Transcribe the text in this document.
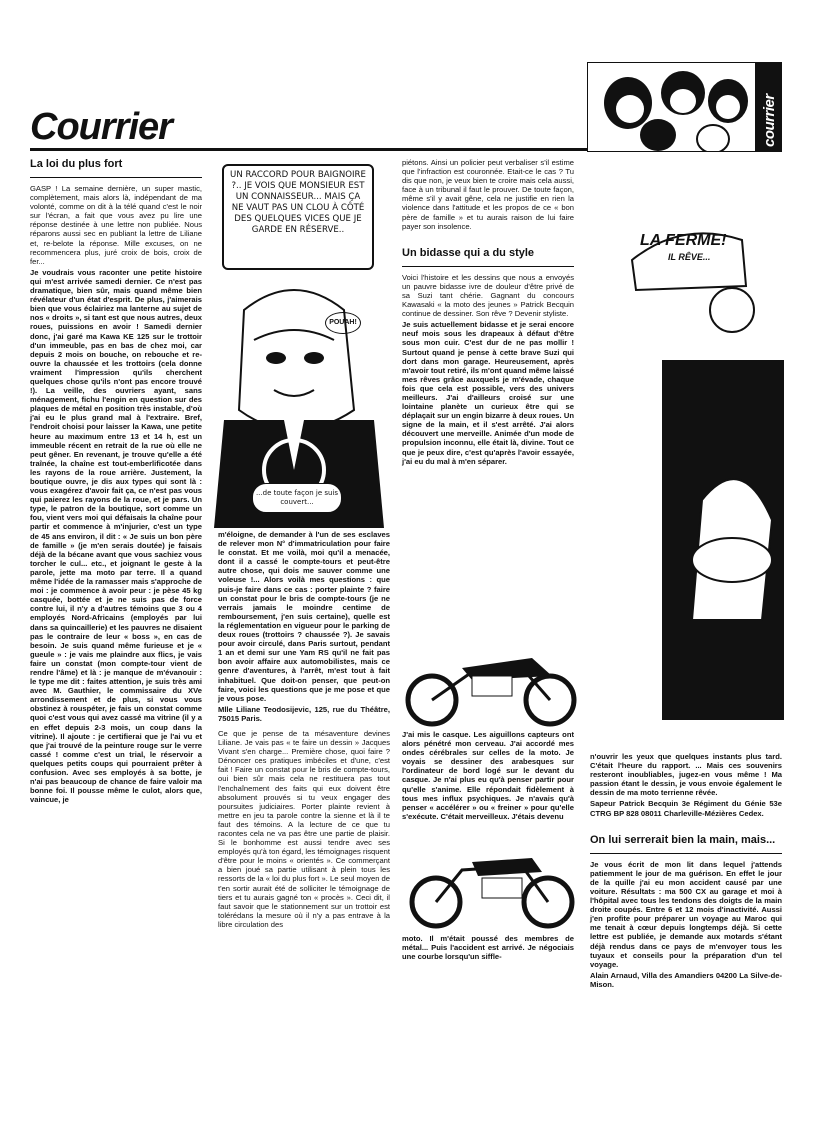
Courrier	courrier
La loi du plus fort

GASP ! La semaine dernière, un super mastic, complètement, mais alors là, indépendant de ma volonté, comme on dit à la télé quand c'est le noir sur l'écran, a fait que vous avez pu lire une réponse destinée à une lettre non publiée. Nous réparons aussi sec en publiant la lettre de Liliane et, re-belote la réponse. Mille excuses, on ne recommencera plus, juré croix de bois, croix de fer...

Je voudrais vous raconter une petite histoire qui m'est arrivée samedi dernier. Ce n'est pas dramatique, bien sûr, mais quand même bien révélateur d'un état d'esprit. De plus, j'aimerais bien que vous éclairiez ma lanterne au sujet de nos « droits », si tant est que nous autres, deux roues, puissions en avoir ! Samedi dernier donc, j'ai garé ma Kawa KE 125 sur le trottoir d'un immeuble, pas en bas de chez moi, car depuis 2 mois on bouche, on rebouche et re-ouvre la chaussée et les trottoirs (cela donne vraiment l'impression qu'ils cherchent quelques chose qu'ils n'ont pas encore trouvé !). La veille, des ouvriers ayant, sans ménagement, fichu l'engin en question sur des plaques de métal en position très instable, d'où j'ai eu le plus grand mal à l'extraire. Bref, l'endroit choisi pour laisser la Kawa, une petite heure au maximum entre 13 et 14 h, est un immeuble récent en retrait de la rue où elle ne peut gêner. En revenant, je trouve qu'elle a été traînée, la chaîne est tout-emberlificotée dans les rayons de la roue arrière. Justement, la boutique ouvre, je dis aux types qui sont là : vous exagérez d'avoir fait ça, ce n'est pas vous qui paierez les rayons de la roue, et je pars. Un type, le patron de la boutique, sort comme un fou, vient vers moi qui défaisais la chaîne pour partir et commence à m'injurier, c'est un type de 45 ans environ, il dit : « Je suis un bon père de famille » (je m'en serais doutée) je faisais déjà de la bécane avant que vous sachiez vous torcher le cul... etc., et joignant le geste à la parole, jette ma moto par terre. Il a quand même l'idée de la ramasser mais s'approche de moi : je commence à avoir peur : je pèse 45 kg casquée, bottée et je ne suis pas de force contre lui, il n'y a d'autres témoins que 3 ou 4 employés Nord-Africains (employés par lui dans sa quincaillerie) et les pauvres ne disaient pas le contraire de leur « boss », en cas de besoin. Je suis quand même furieuse et je « gueule » : je vais me plaindre aux flics, je vais faire un constat (mon compte-tour vient de rendre l'âme) et là : je manque de m'évanouir : le type me dit : faites attention, je suis très ami avec M. Gauthier, le commissaire du XVe arrondissement et de plus, si vous vous obstinez à rouspéter, je fais un constat comme quoi c'est vous qui avez cassé ma vitrine (il y a en effet depuis 2-3 mois, un coup dans la vitrine). Il ajoute : je certifierai que je l'ai vu et que j'ai trouvé de la peinture rouge sur le verre cassé ! comme c'est un trial, le réservoir a quelques petits coups qui pourraient prêter à confusion. Avec ses employés à sa botte, je n'ai pas beaucoup de chance de faire valoir ma bonne foi. Il pousse même le culot, alors que, vaincue, je

UN RACCORD POUR BAIGNOIRE ?.. JE VOIS QUE MONSIEUR EST UN CONNAISSEUR... MAIS ÇA NE VAUT PAS UN CLOU À CÔTÉ DES QUELQUES VICES QUE JE GARDE EN RÉSERVE..
POUAH!
...de toute façon je suis couvert...

m'éloigne, de demander à l'un de ses esclaves de relever mon N° d'immatriculation pour faire le constat. Et me voilà, moi qu'il a menacée, dont il a cassé le compte-tours et peut-être autre chose, qui dois me sauver comme une voleuse !... Alors voilà mes questions : que puis-je faire dans ce cas : porter plainte ? faire un constat pour le bris de compte-tours (je ne verrais jamais le moindre centime de remboursement, j'en suis certaine), quelle est la réglementation en vigueur pour le parking de deux roues (trottoirs ? chaussée ?). Je savais pour avoir circulé, dans Paris surtout, pendant 1 an et demi sur une Yam RS qu'il ne fait pas bon avoir affaire aux automobilistes, mais ce genre d'aventures, à l'arrêt, m'est tout à fait inhabituel. Que doit-on penser, que peut-on faire, voici les questions que je me pose et que je vous pose.

Mlle Liliane Teodosijevic, 125, rue du Théâtre, 75015 Paris.

Ce que je pense de ta mésaventure devines Liliane. Je vais pas « te faire un dessin » Jacques Vivant s'en charge... Première chose, quoi faire ? Dénoncer ces pratiques imbéciles et d'une, c'est fait ! Faire un constat pour le bris de compte-tours, oui bien sûr mais cela ne restituera pas tout l'enchaînement des faits qui eux doivent être absolument prouvés si tu veux engager des poursuites judiciaires. Porter plainte revient à mettre en jeu ta parole contre la sienne et là il te faut des témoins. A la lecture de ce que tu racontes cela ne va pas être une partie de plaisir. Si le bonhomme est aussi tendre avec ses employés qu'à ton égard, les témoignages risquent d'être pour le moins « orientés ». Ce commerçant a bien joué sa partie utilisant à plein tous les ressorts de la « loi du plus fort ». Le seul moyen de t'en sortir aurait été de solliciter le témoignage de tiers et tu aurais gagné ton « procès ». Ceci dit, il faut savoir que le stationnement sur un trottoir est tolérédans la mesure où il n'y a pas entrave à la libre circulation des

piétons. Ainsi un policier peut verbaliser s'il estime que l'infraction est couronnée. Etait-ce le cas ? Tu dis que non, je veux bien te croire mais cela aussi, face à un tribunal il faut le prouver. De toute façon, même s'il y avait gêne, cela ne justifie en rien la violence dans l'attitude et les propos de ce « bon père de famille » et tu aurais raison de lui faire payer son insolence.

Un bidasse qui a du style

Voici l'histoire et les dessins que nous a envoyés un pauvre bidasse ivre de douleur d'être privé de sa Suzi tant chérie. Gagnant du concours Kawasaki « la moto des jeunes » Patrick Becquin continue de dessiner. Son rêve ? Devenir styliste.

Je suis actuellement bidasse et je serai encore neuf mois sous les drapeaux à défaut d'être sous mon cuir. C'est dur de ne pas mollir ! Surtout quand je pense à cette brave Suzi qui dort dans mon garage. Heureusement, après m'avoir tout retiré, ils m'ont quand même laissé mes rêves grâce auxquels je m'évade, chaque fois que cela est possible, vers des univers meilleurs. J'ai d'ailleurs croisé sur une lointaine planète un curieux être qui se déplaçait sur un engin bizarre à deux roues. Un signe de la main, et il s'est arrêté. J'ai alors découvert une merveille. Animée d'un mode de propulsion inconnu, elle était là, divine. Tout ce que je peux dire, c'est qu'après l'avoir essayée, j'ai eu du mal à m'en séparer.

J'ai mis le casque. Les aiguillons capteurs ont alors pénétré mon cerveau. J'ai accordé mes ondes cérébrales sur celles de la moto. Je voyais se dessiner des arabesques sur l'ordinateur de bord logé sur le devant du casque. Je n'ai plus eu qu'à penser partir pour qu'elle s'anime. Elle répondait fidèlement à tous mes influx psychiques. Je n'avais qu'à penser « accélérer » ou « freiner » pour qu'elle s'exécute. C'était merveilleux. J'étais devenu

moto. Il m'était poussé des membres de métal... Puis l'accident est arrivé. Je négociais une courbe lorsqu'un siffle-

LA FERME!
IL RÊVE...

n'ouvrir les yeux que quelques instants plus tard. C'était l'heure du rapport. ... Mais ces souvenirs resteront inoubliables, jugez-en vous même ! Ma passion étant le dessin, je vous envoie également le dessin de ma moto terrienne rêvée.

Sapeur Patrick Becquin 3e Régiment du Génie 53e CTRG BP 828 08011 Charleville-Mézières Cedex.

On lui serrerait bien la main, mais...

Je vous écrit de mon lit dans lequel j'attends patiemment le jour de ma guérison. En effet le jour de la quille j'ai eu mon accident causé par une voiture. Résultats : ma 500 CX au garage et moi à l'hôpital avec tous les tendons des doigts de la main droite coupés. Entre 6 et 12 mois d'inactivité. Aussi j'en profite pour préparer un voyage au Maroc qui me tenait à cœur depuis longtemps déjà. Si cette lettre est publiée, je demande aux motards s'étant déjà rendus dans ce pays de m'envoyer tous les tuyaux et conseils pour la préparation d'un tel voyage.

Alain Arnaud, Villa des Amandiers 04200 La Silve-de-Mison.
